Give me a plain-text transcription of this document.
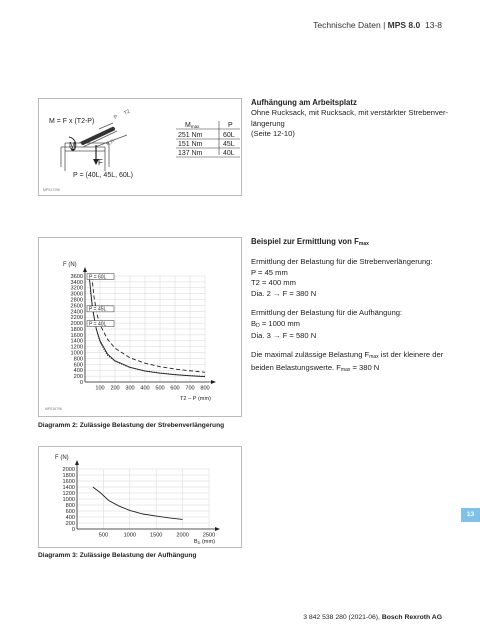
Technische Daten | MPS 8.0 13-8
M = F x (T2-P)
M
F
P
T2
B_D
P = (40L, 45L, 60L)
MPS17298
Mmax	P
251 Nm	60L
151 Nm	45L
137 Nm	40L
Aufhängung am Arbeitsplatz
Ohne Rucksack, mit Rucksack, mit verstärkter Strebenver-
längerung
(Seite 12-10)
0
200
400
600
800
1000
1200
1400
1600
1800
2000
2200
2400
2600
2800
3000
3200
3400
3600
100 200 300 400 500 600 700 800
F (N)
T2 – P (mm)
P = 60L
P = 45L
P = 40L
MPS16798
Diagramm 2: Zulässige Belastung der Strebenverlängerung
Beispiel zur Ermittlung von $F_{max}$
Ermittlung der Belastung für die Strebenverlängerung:
P = 45 mm
T2 = 400 mm
Dia. 2 → F = 380 N
Ermittlung der Belastung für die Aufhängung:
$B_D = 1000$ mm
Dia. 3 → F = 580 N
Die maximal zulässige Belastung $F_{max}$ ist der kleinere der
beiden Belastungswerte. $F_{max} = 380$ N
0
200
400
600
800
1000
1200
1400
1600
1800
2000
500	1000 1500 2000 2500
F (N)
BD (mm)
Diagramm 3: Zulässige Belastung der Aufhängung
13
3 842 538 280 (2021-06), Bosch Rexroth AG
